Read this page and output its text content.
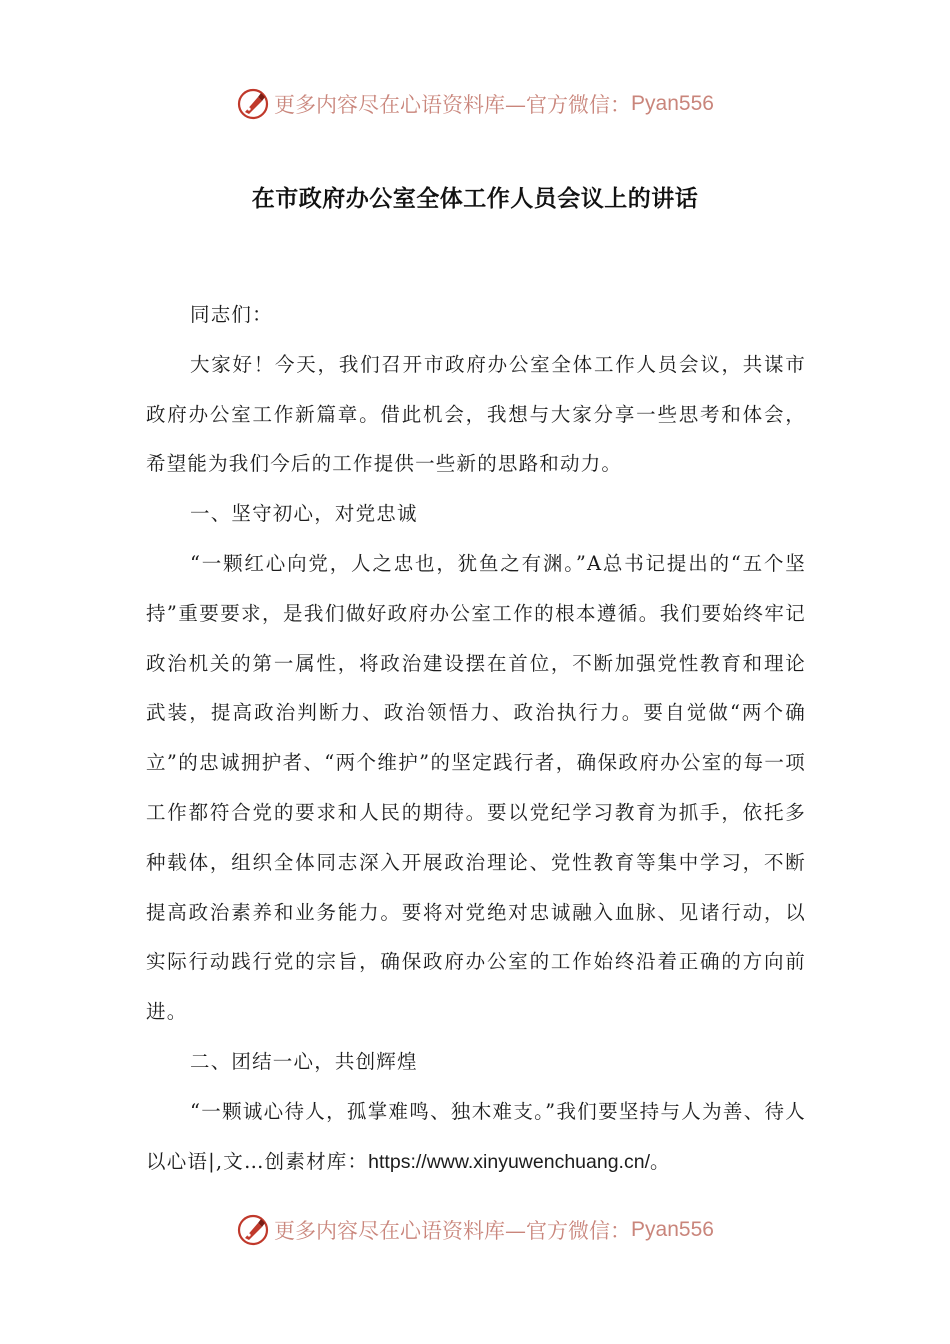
更多内容尽在心语资料库—官方微信： Pyan556
在市政府办公室全体工作人员会议上的讲话

同志们：

大家好！今天，我们召开市政府办公室全体工作人员会议，共谋市政府办公室工作新篇章。借此机会，我想与大家分享一些思考和体会，希望能为我们今后的工作提供一些新的思路和动力。

一、坚守初心，对党忠诚

“一颗红心向党，人之忠也，犹鱼之有渊。”A总书记提出的“五个坚持”重要要求，是我们做好政府办公室工作的根本遵循。我们要始终牢记政治机关的第一属性，将政治建设摆在首位，不断加强党性教育和理论武装，提高政治判断力、政治领悟力、政治执行力。要自觉做“两个确立”的忠诚拥护者、“两个维护”的坚定践行者，确保政府办公室的每一项工作都符合党的要求和人民的期待。要以党纪学习教育为抓手，依托多种载体，组织全体同志深入开展政治理论、党性教育等集中学习，不断提高政治素养和业务能力。要将对党绝对忠诚融入血脉、见诸行动，以实际行动践行党的宗旨，确保政府办公室的工作始终沿着正确的方向前进。

二、团结一心，共创辉煌

“一颗诚心待人，孤掌难鸣、独木难支。”我们要坚持与人为善、待人以心语|,文…创素材库：https://www.xinyuwenchuang.cn/。

更多内容尽在心语资料库—官方微信： Pyan556
